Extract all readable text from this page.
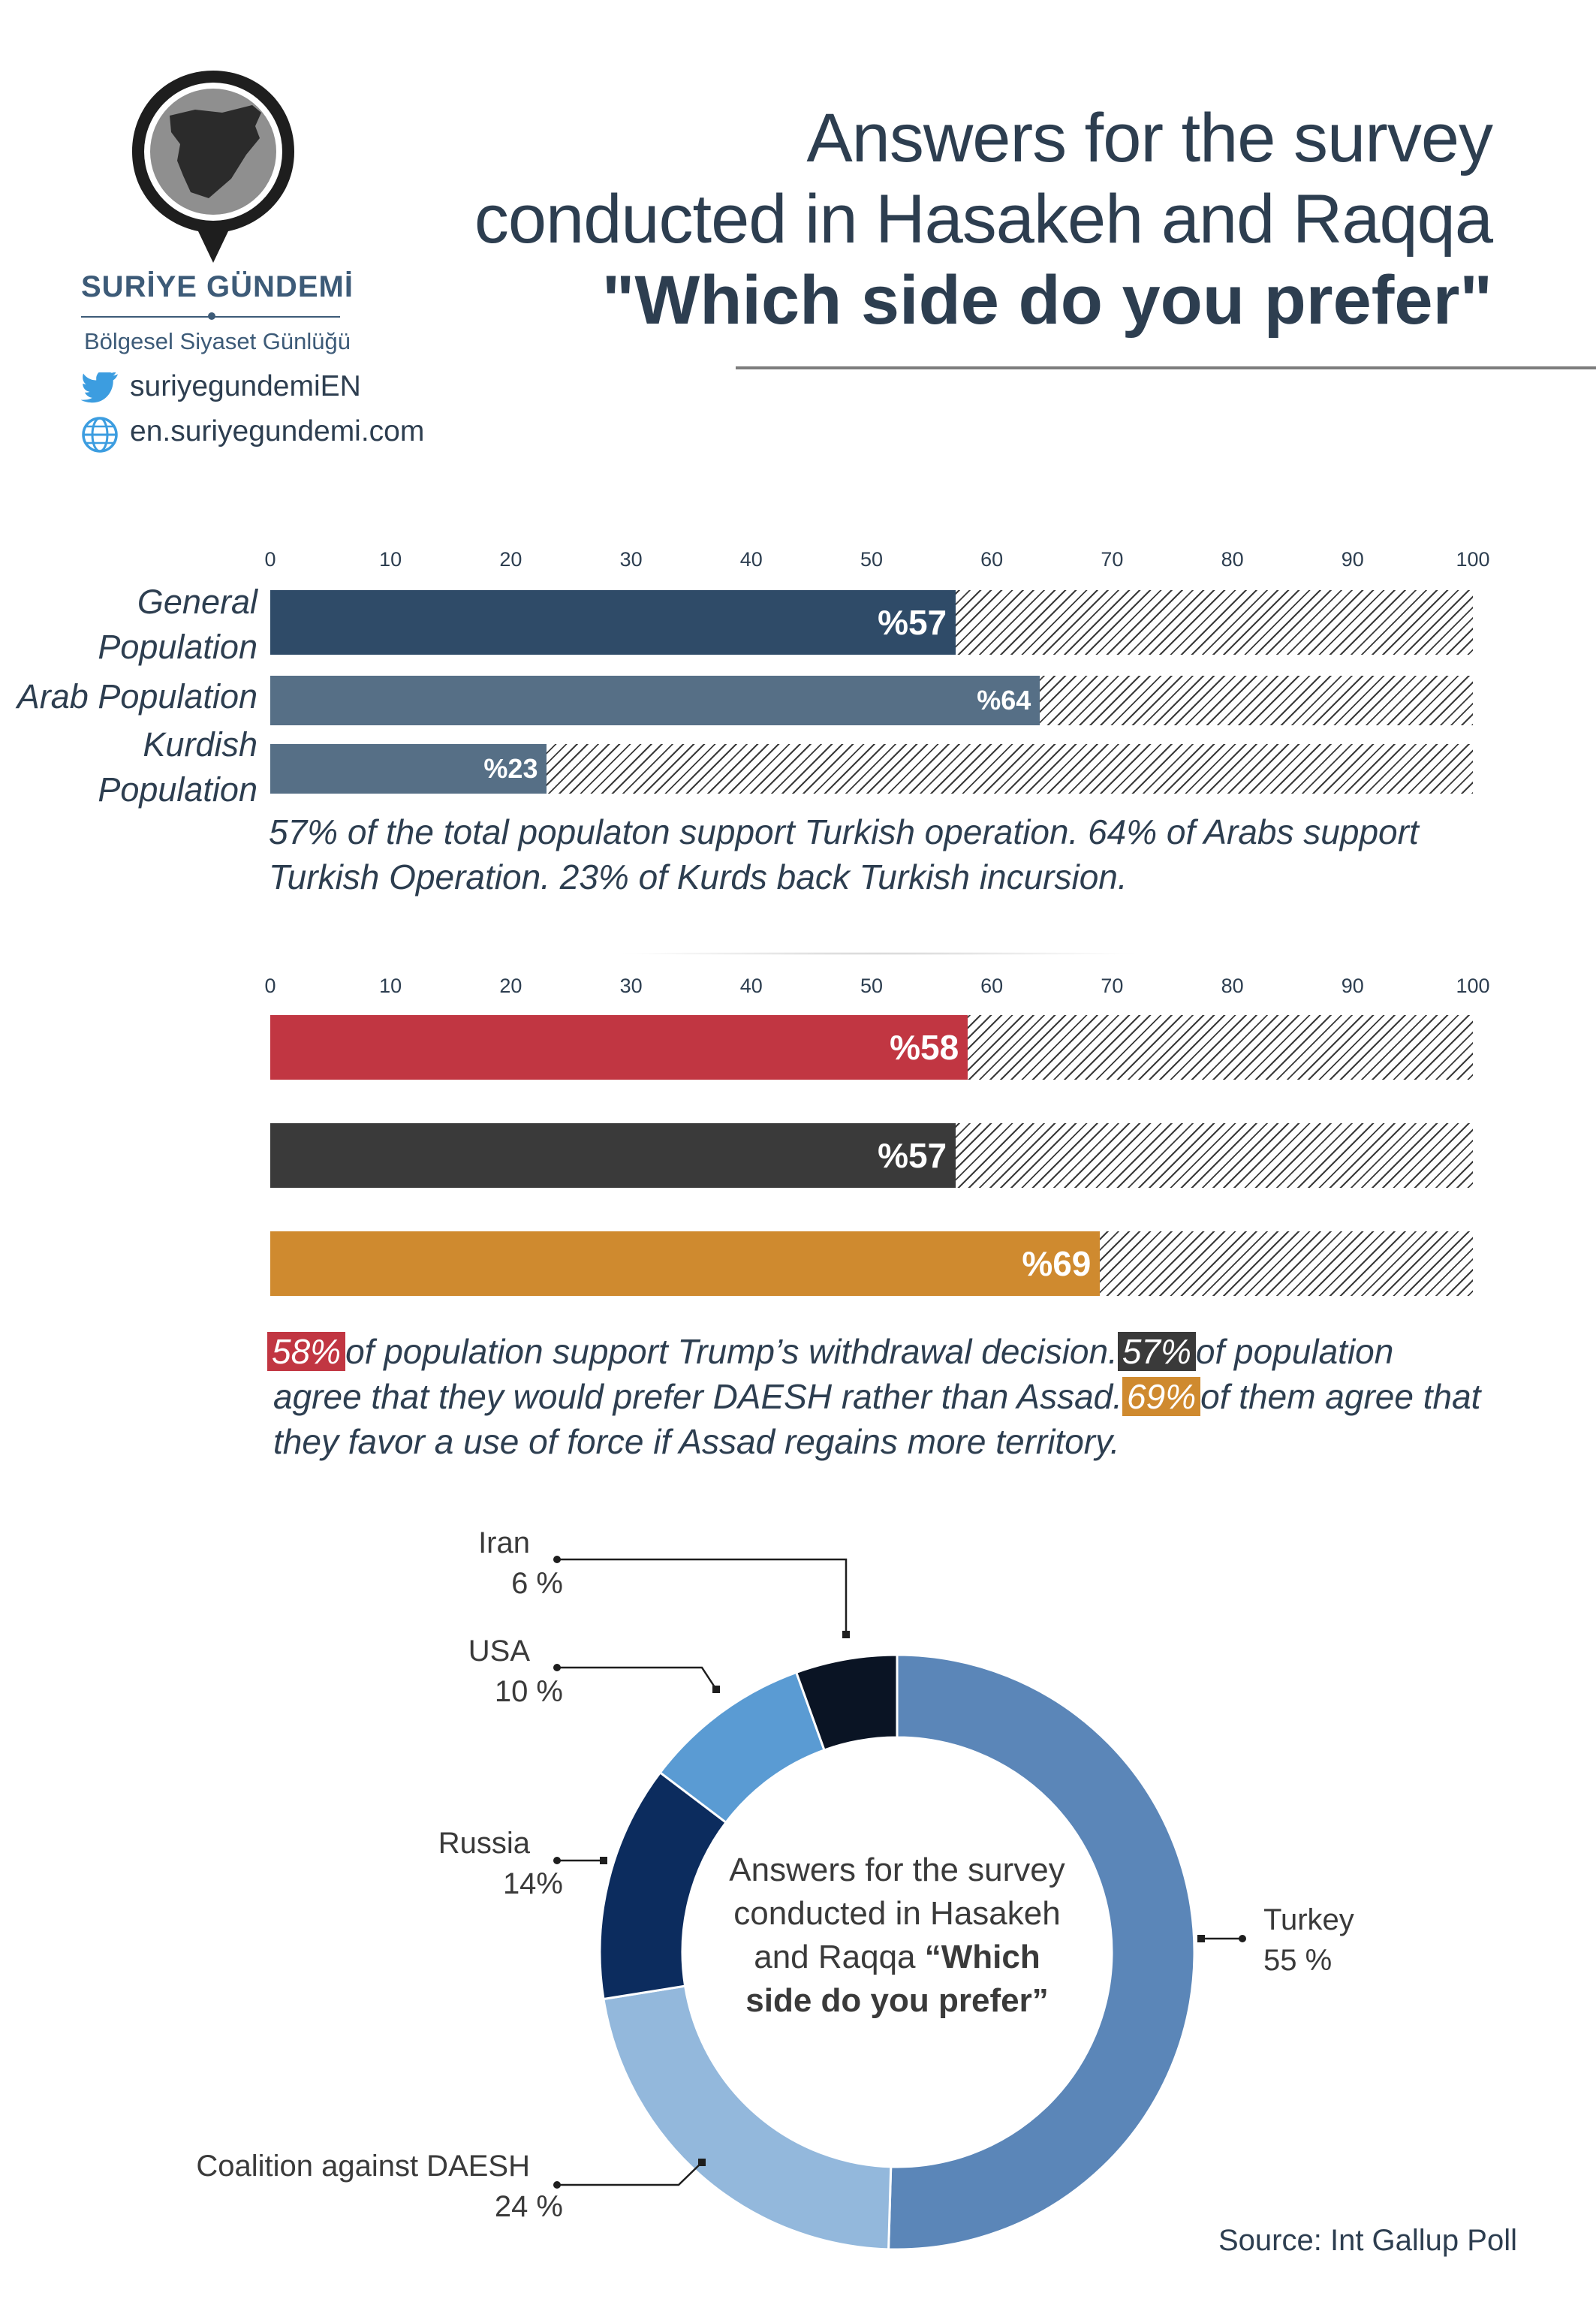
SURİYE GÜNDEMİ
Bölgesel Siyaset Günlüğü
suriyegundemiEN
en.suriyegundemi.com
Answers for the survey
conducted in Hasakeh and Raqqa
"Which side do you prefer"
0	10	20	30	40	50	60	70	80	90	100
%57
General
Population
%64
Arab Population
%23
Kurdish
Population
57% of the total populaton support Turkish operation. 64% of Arabs support
Turkish Operation. 23% of Kurds back Turkish incursion.
0	10	20	30	40	50	60	70	80	90	100
%58
%57
%69
58% of population support Trump’s withdrawal decision. 57% of population
agree that they would prefer DAESH rather than Assad. 69% of them agree that
they favor a use of force if Assad regains more territory.
Turkey
55 %
Coalition against DAESH
24 %
Russia
14%
USA
10 %
Iran
6 %
Answers for the survey
conducted in Hasakeh
and Raqqa “Which
side do you prefer”
Source: Int Gallup Poll
